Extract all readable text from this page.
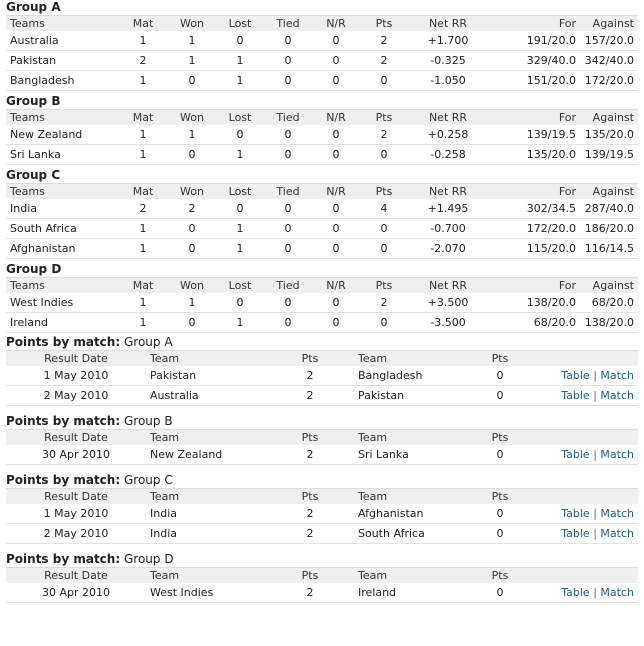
Group A
Teams	Mat	Won	Lost	Tied	N/R	Pts	Net RR	For	Against
Australia	1	1	0	0	0	2	+1.700	191/20.0	157/20.0
Pakistan	2	1	1	0	0	2	-0.325	329/40.0	342/40.0
Bangladesh	1	0	1	0	0	0	-1.050	151/20.0	172/20.0
Group B
Teams	Mat	Won	Lost	Tied	N/R	Pts	Net RR	For	Against
New Zealand	1	1	0	0	0	2	+0.258	139/19.5	135/20.0
Sri Lanka	1	0	1	0	0	0	-0.258	135/20.0	139/19.5
Group C
Teams	Mat	Won	Lost	Tied	N/R	Pts	Net RR	For	Against
India	2	2	0	0	0	4	+1.495	302/34.5	287/40.0
South Africa	1	0	1	0	0	0	-0.700	172/20.0	186/20.0
Afghanistan	1	0	1	0	0	0	-2.070	115/20.0	116/14.5
Group D
Teams	Mat	Won	Lost	Tied	N/R	Pts	Net RR	For	Against
West Indies	1	1	0	0	0	2	+3.500	138/20.0	68/20.0
Ireland	1	0	1	0	0	0	-3.500	68/20.0	138/20.0
Points by match: Group A
Result Date	Team	Pts	Team	Pts	
1 May 2010	Pakistan	2	Bangladesh	0	Table | Match
2 May 2010	Australia	2	Pakistan	0	Table | Match
Points by match: Group B
Result Date	Team	Pts	Team	Pts	
30 Apr 2010	New Zealand	2	Sri Lanka	0	Table | Match
Points by match: Group C
Result Date	Team	Pts	Team	Pts	
1 May 2010	India	2	Afghanistan	0	Table | Match
2 May 2010	India	2	South Africa	0	Table | Match
Points by match: Group D
Result Date	Team	Pts	Team	Pts	
30 Apr 2010	West Indies	2	Ireland	0	Table | Match
